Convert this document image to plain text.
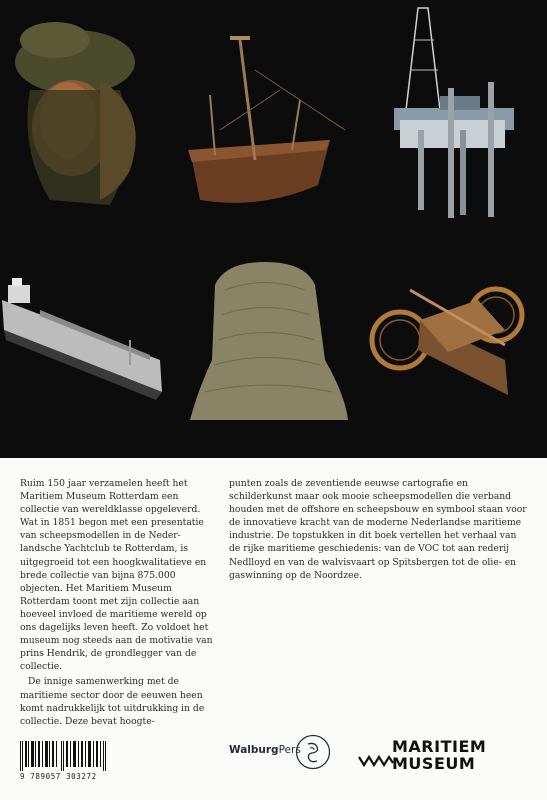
Ruim 150 jaar verzamelen heeft het Maritiem Museum Rotterdam een collectie van wereldklasse opgeleverd. Wat in 1851 begon met een presentatie van scheepsmodellen in de Nederlandsche Yachtclub te Rotterdam, is uitgegroeid tot een hoogkwalitatieve en brede collectie van bijna 875.000 objecten. Het Maritiem Museum Rotterdam toont met zijn collectie aan hoeveel invloed de maritieme wereld op ons dagelijks leven heeft. Zo voldoet het museum nog steeds aan de motivatie van prins Hendrik, de grondlegger van de collectie.

De innige samenwerking met de maritieme sector door de eeuwen heen komt nadrukkelijk tot uitdrukking in de collectie. Deze bevat hoogte-

punten zoals de zeventiende eeuwse cartografie en schilderkunst maar ook mooie scheepsmodellen die verband houden met de offshore en scheepsbouw en symbool staan voor de innovatieve kracht van de moderne Nederlandse maritieme industrie. De topstukken in dit boek vertellen het verhaal van de rijke maritieme geschiedenis: van de VOC tot aan rederij Nedlloyd en van de walvisvaart op Spitsbergen tot de olie- en gaswinning op de Noordzee.

9 789057 303272
WalburgPers	MARITIEM
MUSEUM
